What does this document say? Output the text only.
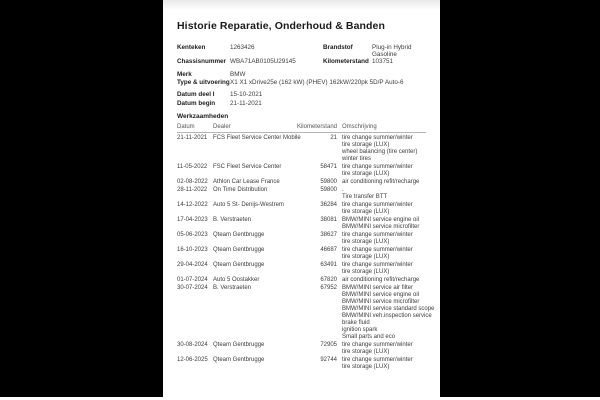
Historie Reparatie, Onderhoud & Banden
Kenteken	1263426	Brandstof	Plug-in Hybrid Gasoline
Chassisnummer WBA71AB0105U29145	Kilometerstand 103751
Merk	BMW
Type & uitvoering X1 X1 xDrive25e (162 kW) (PHEV) 162kW/220pk 5D/P Auto-6
Datum deel I	15-10-2021
Datum begin	21-11-2021
Werkzaamheden
Datum	Dealer	Kilometerstand Omschrijving
21-11-2021 FCS Fleet Service Center Mobile	21 tire change summer/winter
tire storage (LUX)
wheel balancing (tire center)
winter tires
11-05-2022 FSC Fleet Service Center	58471 tire change summer/winter
tire storage (LUX)
02-08-2022 Athlon Car Lease France	59800 air conditioning refit/recharge
28-11-2022 On Time Distribution	59800 .
Tire transfer BTT
14-12-2022 Auto 5 St- Denijs-Westrem	36284 tire change summer/winter
tire storage (LUX)
17-04-2023 B. Verstraeten	38081 BMW/MINI service engine oil
BMW/MINI service microfilter
05-06-2023 Qteam Gentbrugge	38627 tire change summer/winter
tire storage (LUX)
16-10-2023 Qteam Gentbrugge	46687 tire change summer/winter
tire storage (LUX)
29-04-2024 Qteam Gentbrugge	63491 tire change summer/winter
tire storage (LUX)
01-07-2024 Auto 5 Oostakker	67820 air conditioning refit/recharge
30-07-2024 B. Verstraeten	67952 BMW/MINI service air filter
BMW/MINI service engine oil
BMW/MINI service microfilter
BMW/MINI service standard scope
BMW/MINI veh.inspection service
brake fluid
ignition spark
Small parts and eco
30-08-2024 Qteam Gentbrugge	72905 tire change summer/winter
tire storage (LUX)
12-06-2025 Qteam Gentbrugge	92744 tire change summer/winter
tire storage (LUX)
